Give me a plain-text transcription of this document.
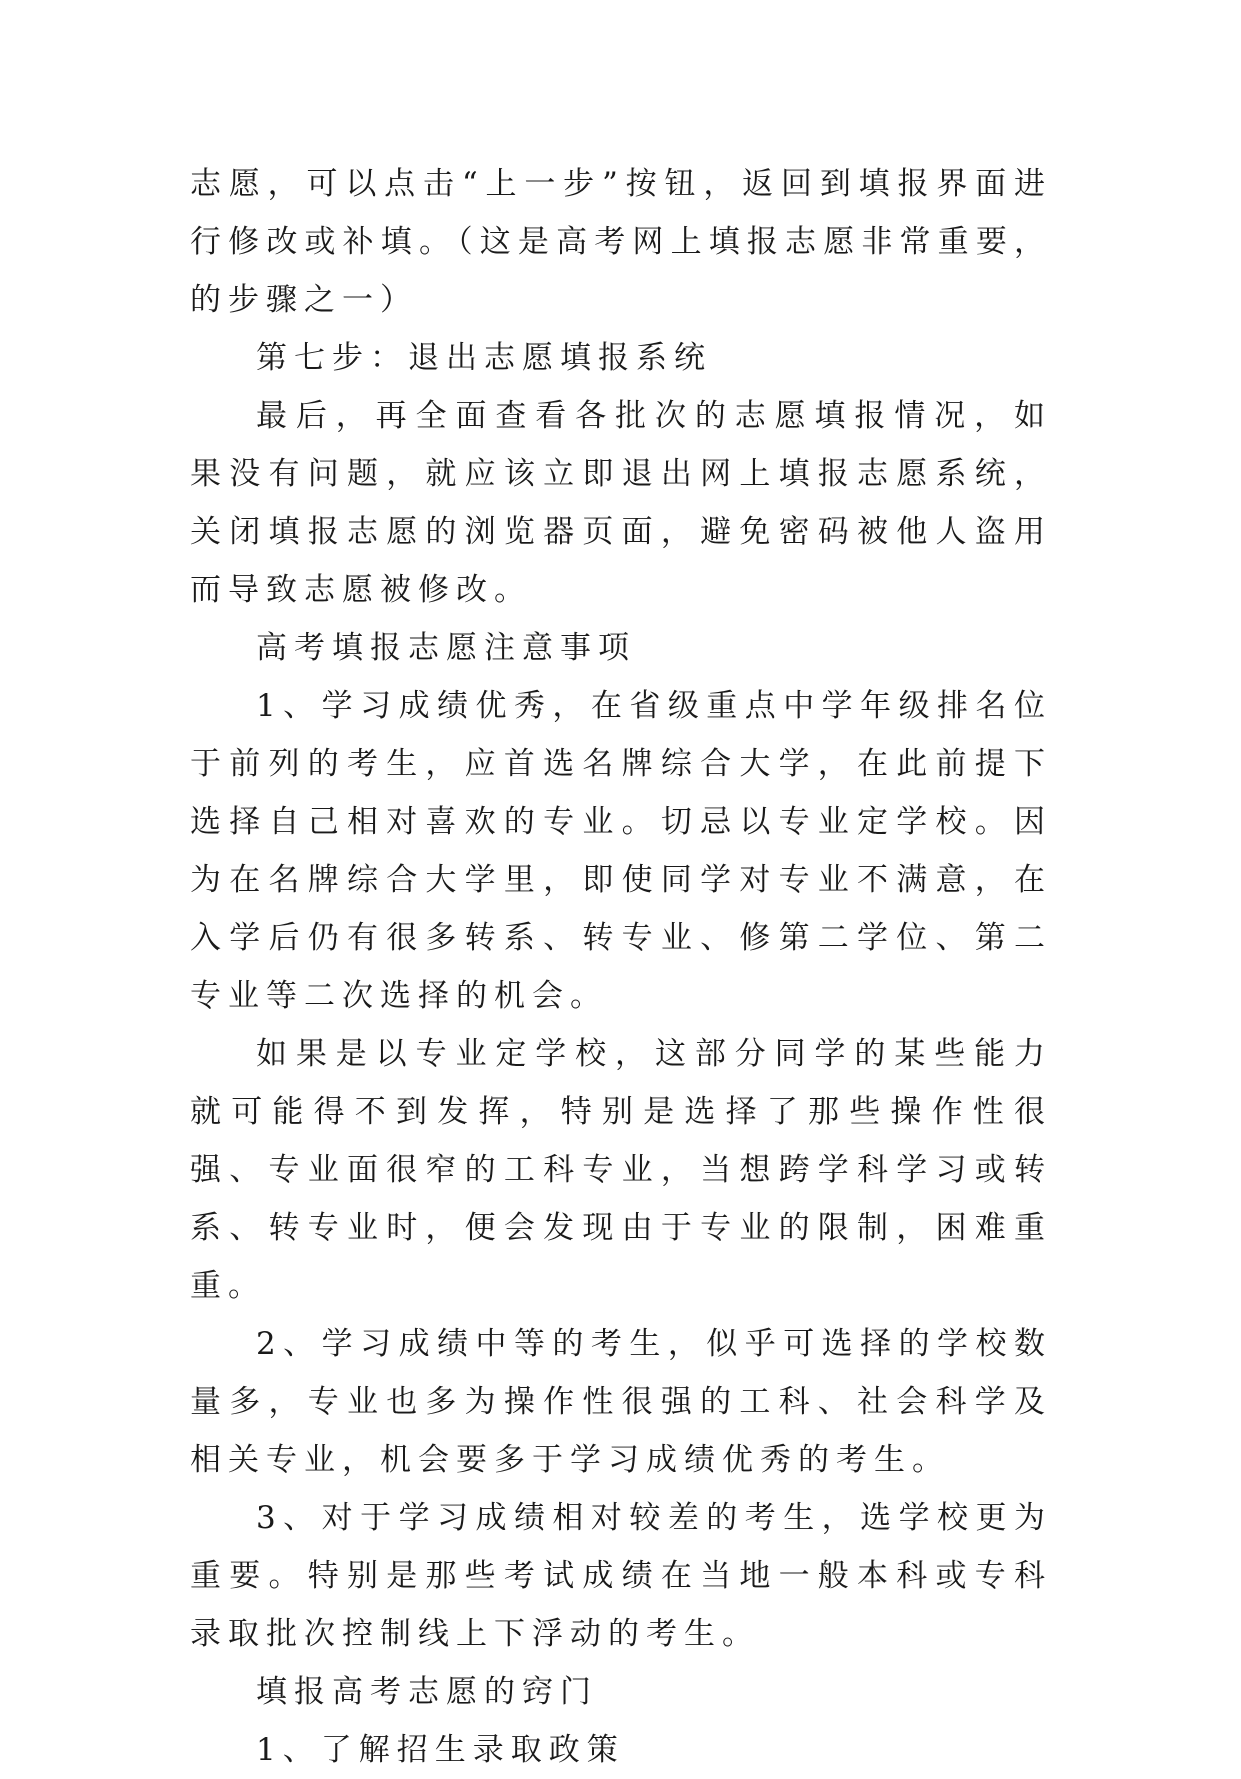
志愿，可以点击“上一步”按钮，返回到填报界面进行修改或补填。（这是高考网上填报志愿非常重要，的步骤之一）

第七步：退出志愿填报系统

最后，再全面查看各批次的志愿填报情况，如果没有问题，就应该立即退出网上填报志愿系统，关闭填报志愿的浏览器页面，避免密码被他人盗用而导致志愿被修改。

高考填报志愿注意事项

1、学习成绩优秀，在省级重点中学年级排名位于前列的考生，应首选名牌综合大学，在此前提下选择自己相对喜欢的专业。切忌以专业定学校。因为在名牌综合大学里，即使同学对专业不满意，在入学后仍有很多转系、转专业、修第二学位、第二专业等二次选择的机会。

如果是以专业定学校，这部分同学的某些能力就可能得不到发挥，特别是选择了那些操作性很强、专业面很窄的工科专业，当想跨学科学习或转系、转专业时，便会发现由于专业的限制，困难重重。

2、学习成绩中等的考生，似乎可选择的学校数量多，专业也多为操作性很强的工科、社会科学及相关专业，机会要多于学习成绩优秀的考生。

3、对于学习成绩相对较差的考生，选学校更为重要。特别是那些考试成绩在当地一般本科或专科录取批次控制线上下浮动的考生。

填报高考志愿的窍门

1、了解招生录取政策
